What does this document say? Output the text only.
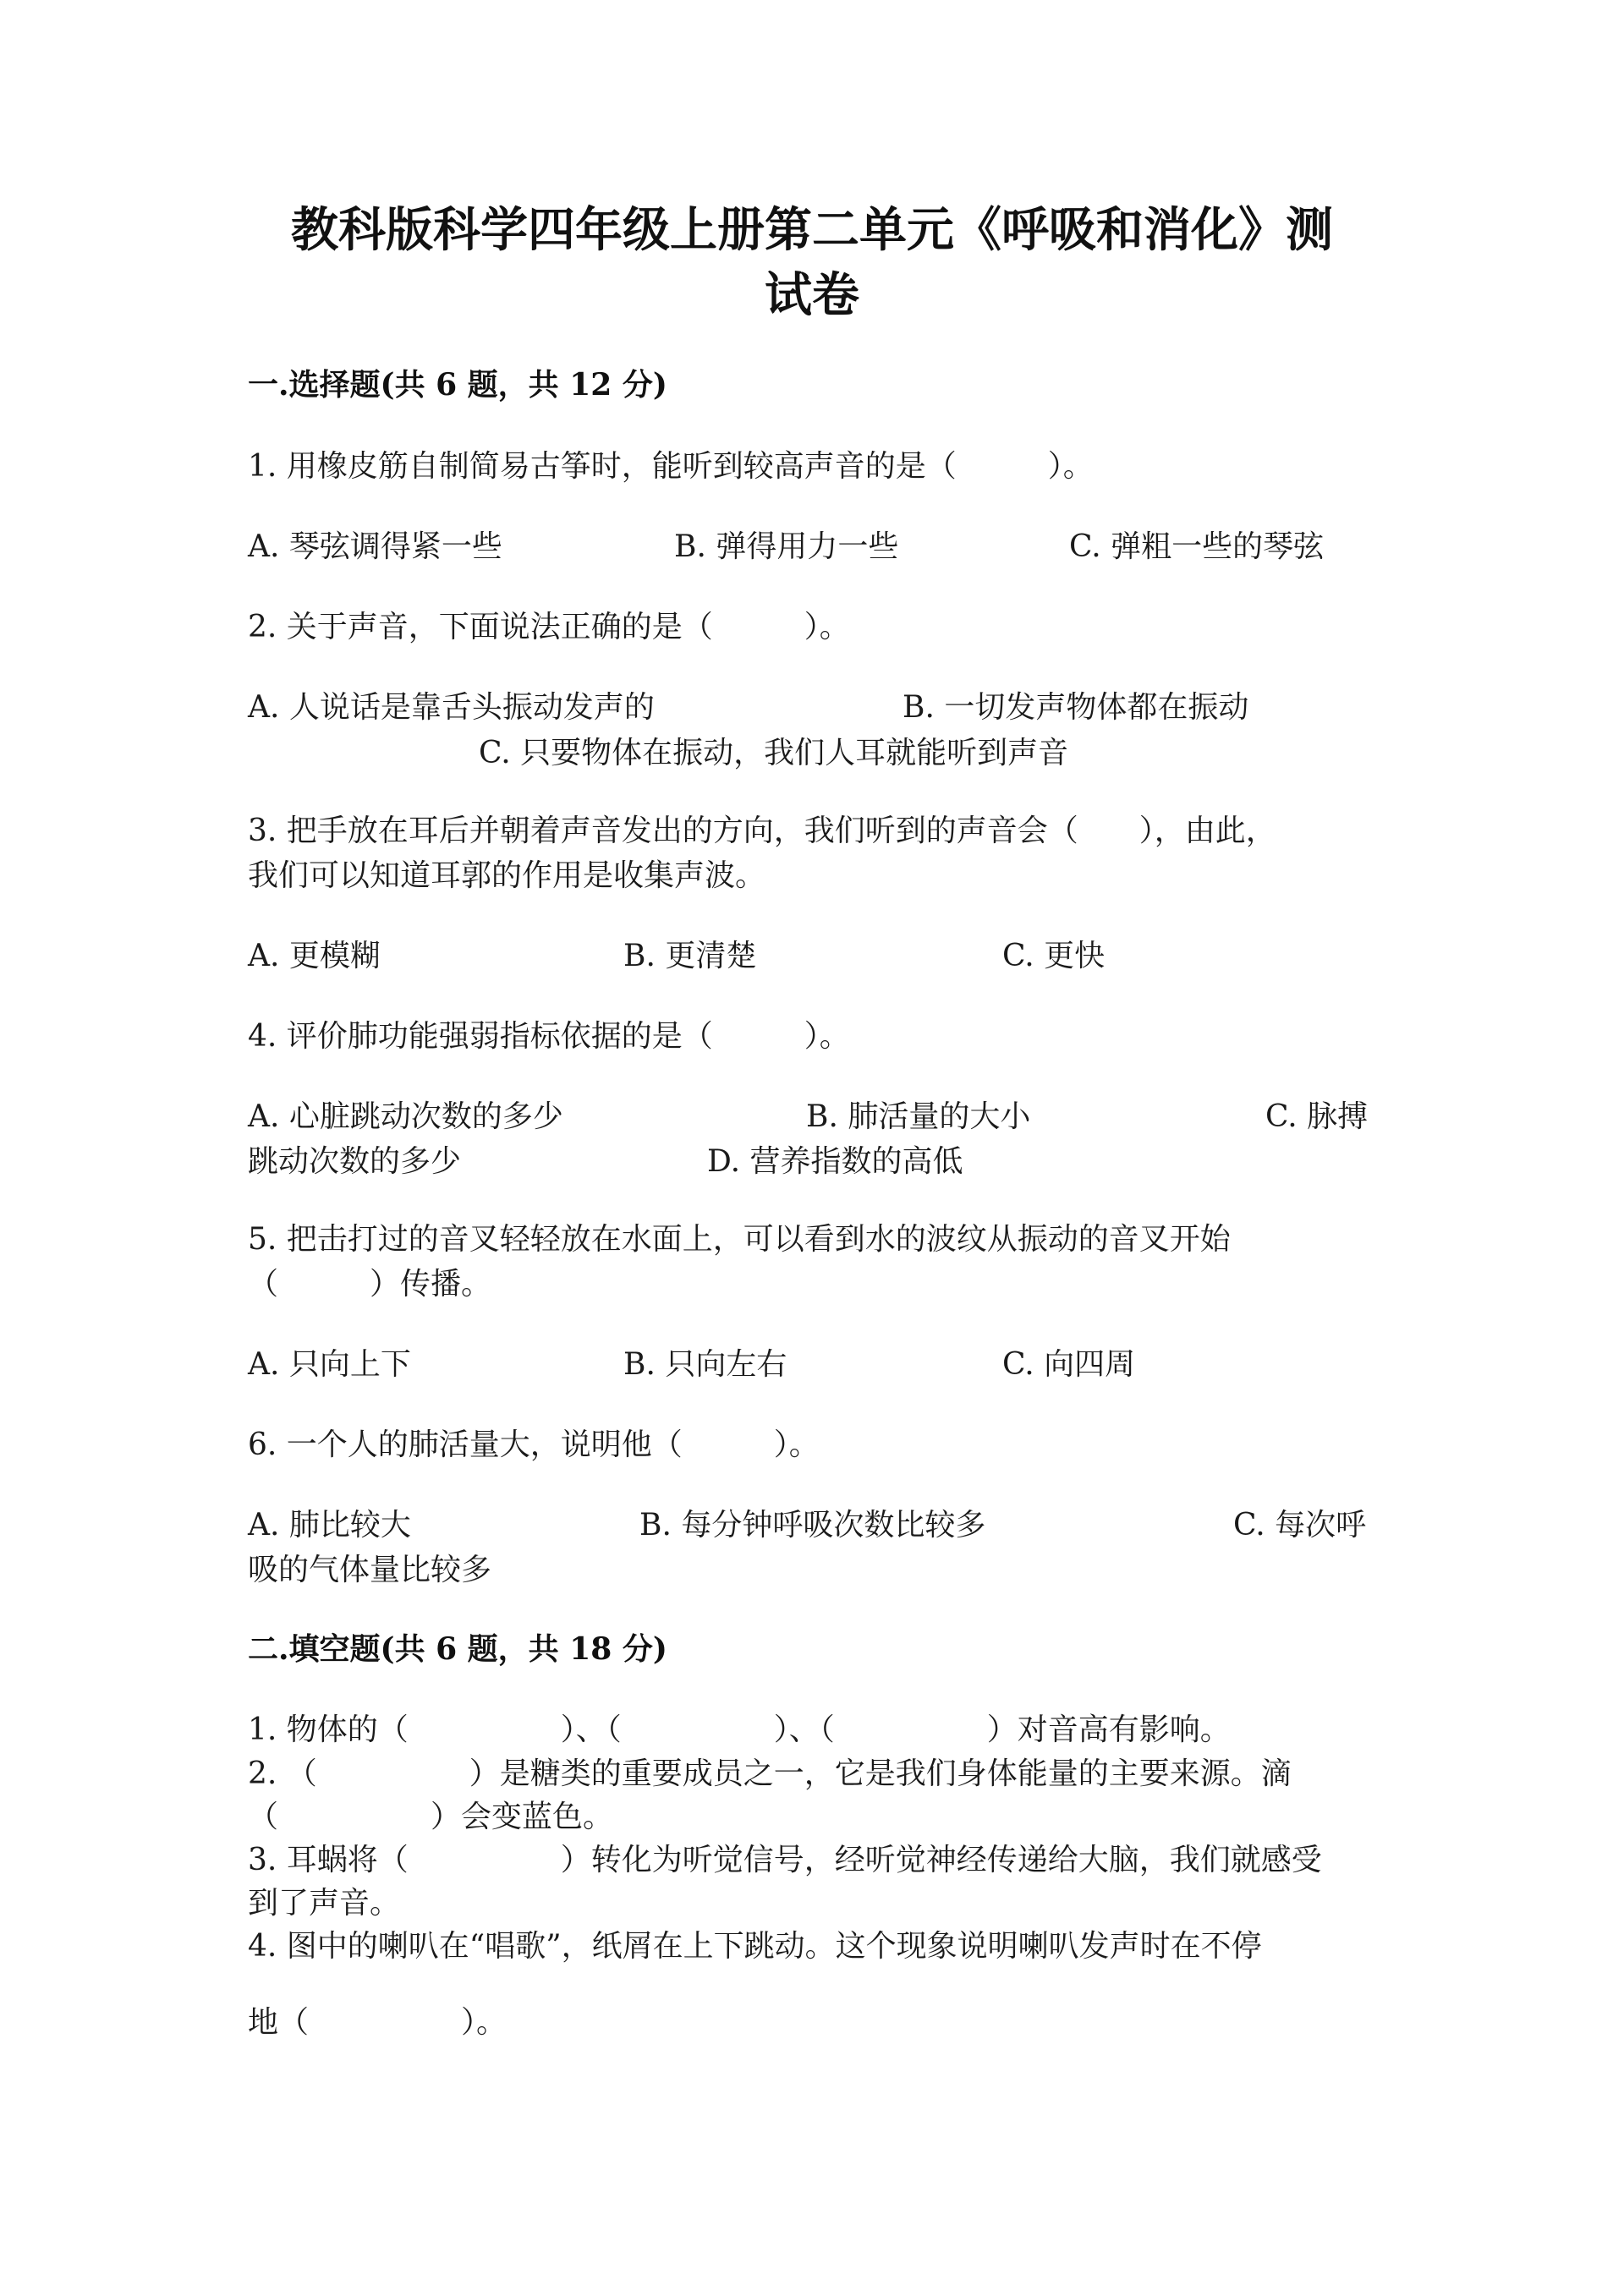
教科版科学四年级上册第二单元《呼吸和消化》测
试卷
一.选择题(共 6 题，共 12 分)
1. 用橡皮筋自制简易古筝时，能听到较高声音的是（　　　）。
A. 琴弦调得紧一些	B. 弹得用力一些	C. 弹粗一些的琴弦
2. 关于声音，下面说法正确的是（　　　）。
A. 人说话是靠舌头振动发声的	B. 一切发声物体都在振动
C. 只要物体在振动，我们人耳就能听到声音
3. 把手放在耳后并朝着声音发出的方向，我们听到的声音会（　　），由此，
我们可以知道耳郭的作用是收集声波。
A. 更模糊	B. 更清楚	C. 更快
4. 评价肺功能强弱指标依据的是（　　　）。
A. 心脏跳动次数的多少	B. 肺活量的大小	C. 脉搏
跳动次数的多少	D. 营养指数的高低
5. 把击打过的音叉轻轻放在水面上，可以看到水的波纹从振动的音叉开始
（　　　）传播。
A. 只向上下	B. 只向左右	C. 向四周
6. 一个人的肺活量大，说明他（　　　）。
A. 肺比较大	B. 每分钟呼吸次数比较多	C. 每次呼
吸的气体量比较多
二.填空题(共 6 题，共 18 分)
1. 物体的（　　　　　）、（　　　　　）、（　　　　　）对音高有影响。
2. （　　　　　）是糖类的重要成员之一，它是我们身体能量的主要来源。滴
（　　　　　）会变蓝色。
3. 耳蜗将（　　　　　）转化为听觉信号，经听觉神经传递给大脑，我们就感受
到了声音。
4. 图中的喇叭在“唱歌”，纸屑在上下跳动。这个现象说明喇叭发声时在不停
地（　　　　　）。
